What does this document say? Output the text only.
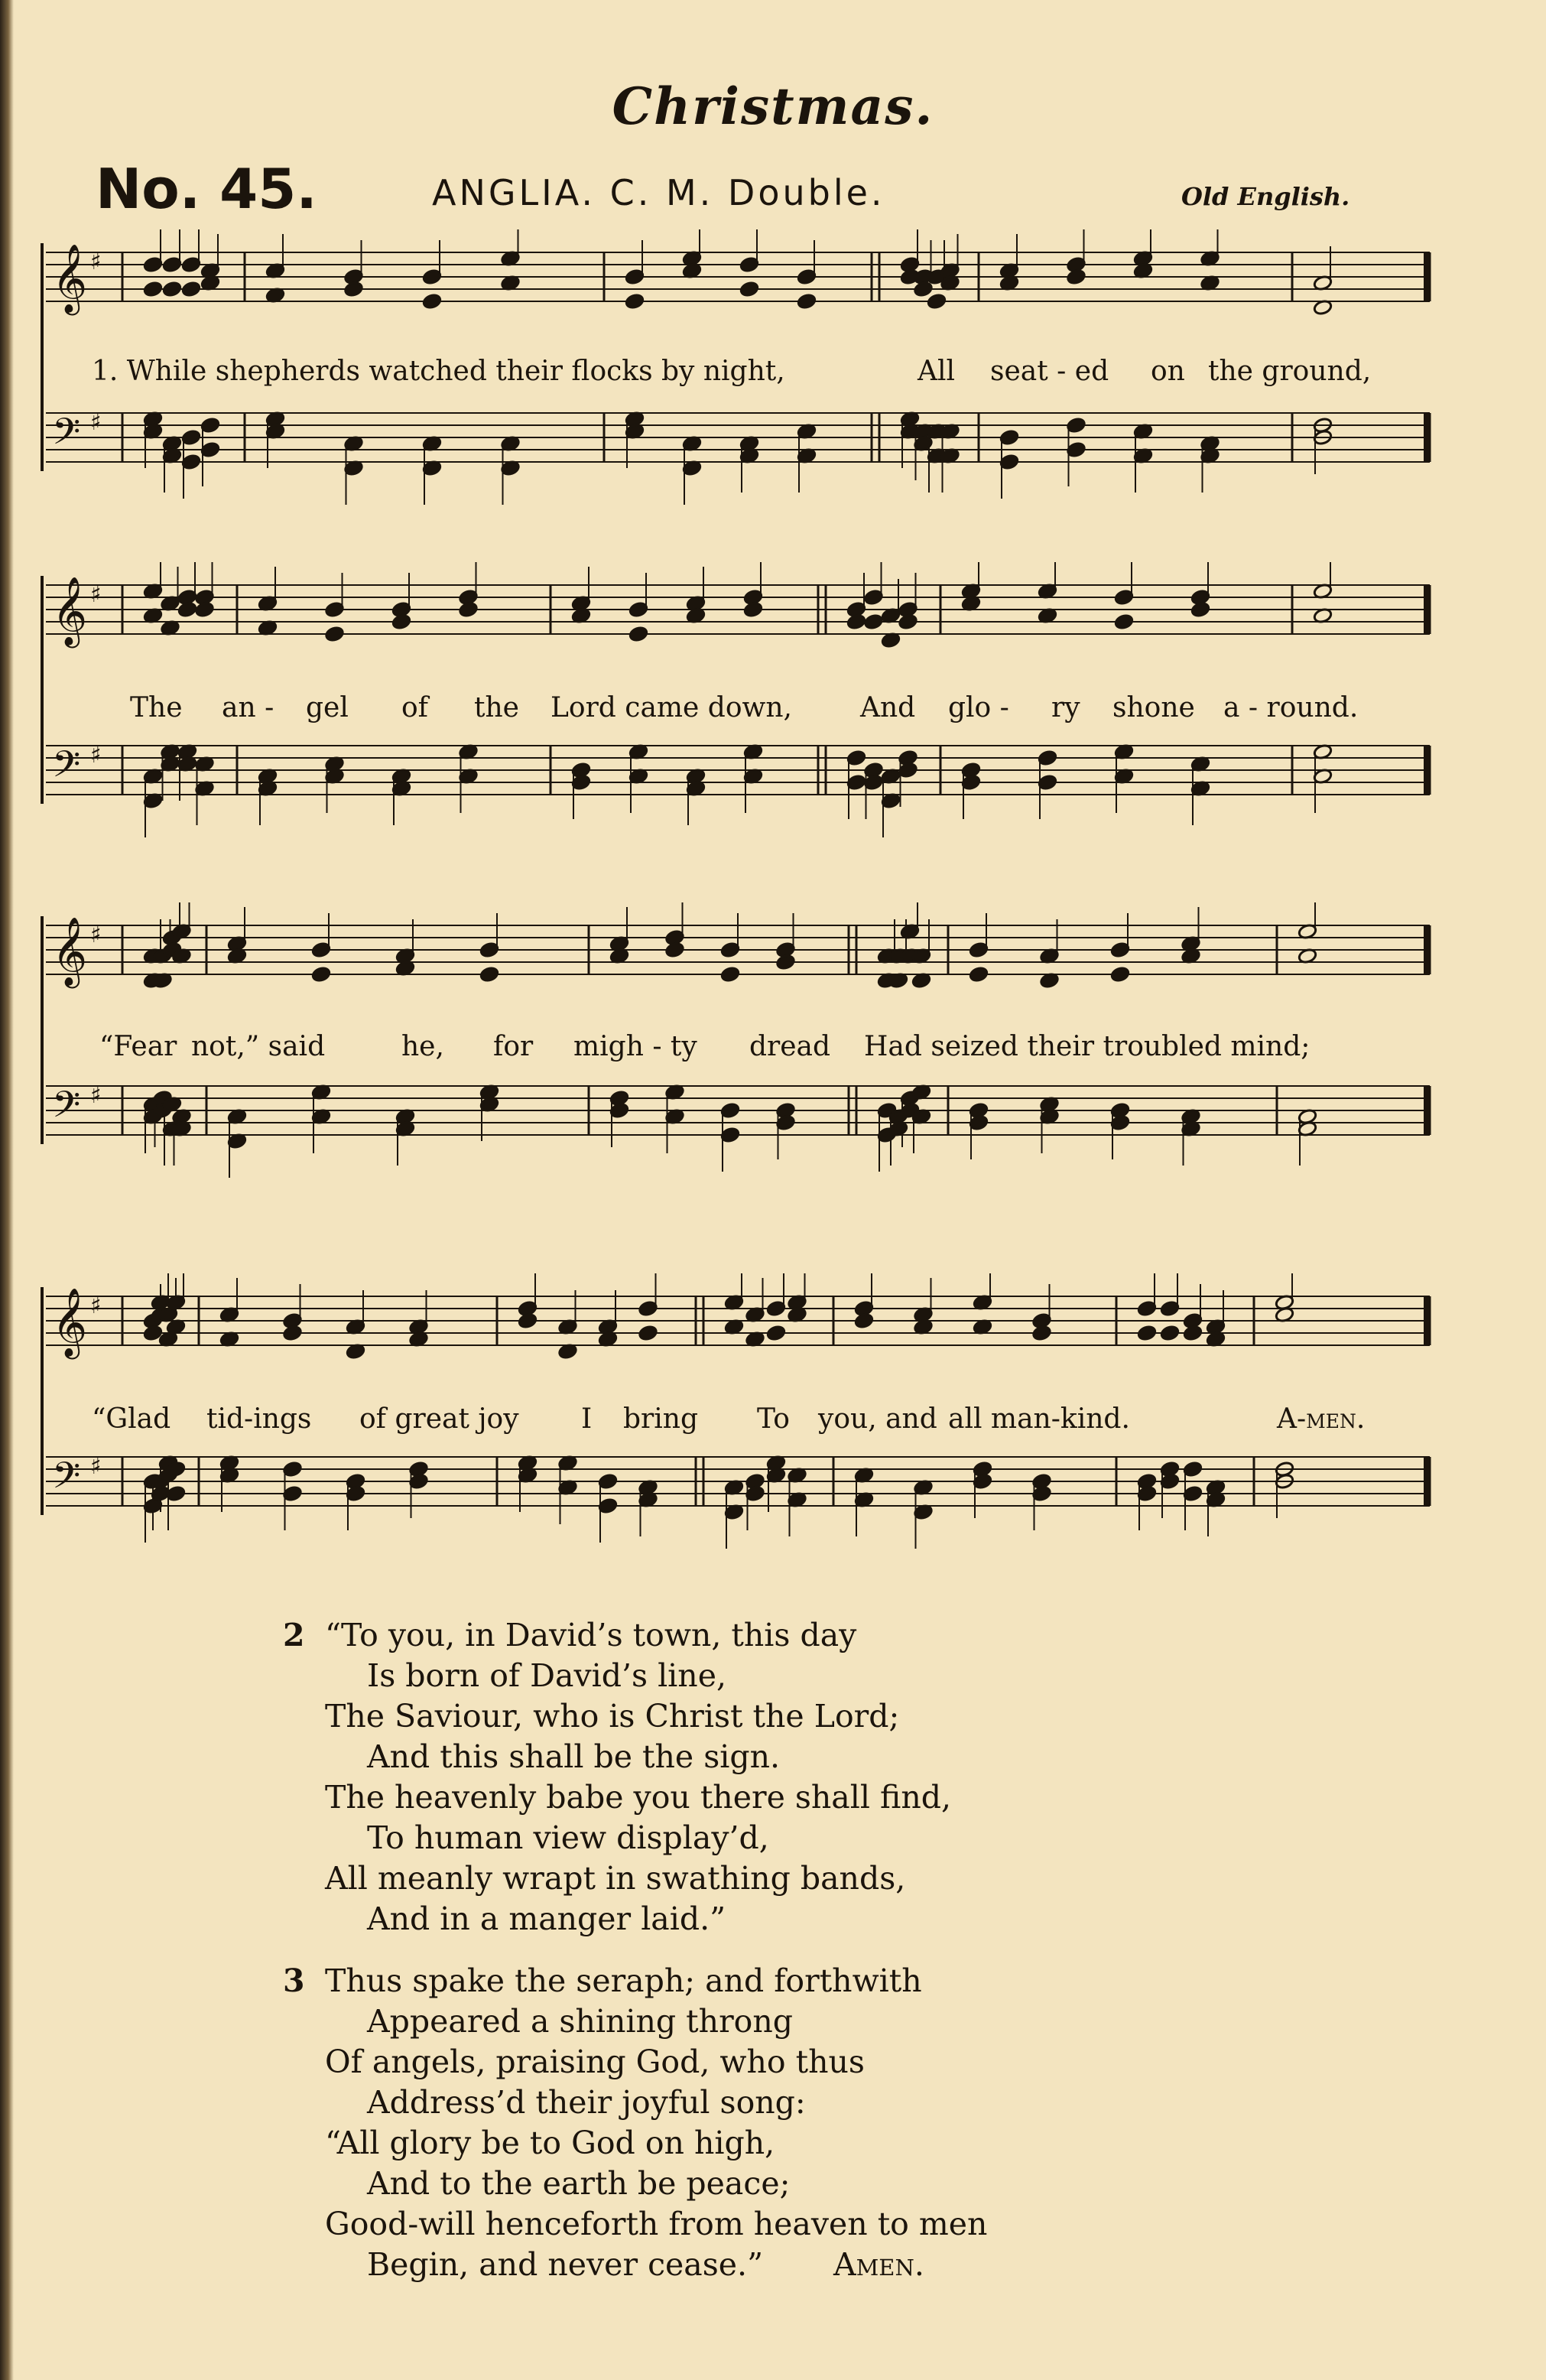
Christmas.
No. 45.	ANGLIA. C. M. Double.	Old English.
𝄞 ♯
𝄢 ♯

1. While shepherds watched their flocks by night,

	All

seat - ed

on

the ground,

𝄞 ♯
𝄢 ♯

The

an -

gel

of

the

Lord came down,

And

glo -

ry

shone

a - round.

𝄞 ♯
𝄢 ♯

“Fear

not,” said

	he,

for

migh - ty

dread

Had seized their troubled mind;

𝄞 ♯
𝄢 ♯

“Glad

tid-ings

of great joy

I

bring

To

you, and

all man-kind.

	A-men.

2 “To you, in David’s town, this day
Is born of David’s line,
The Saviour, who is Christ the Lord;
And this shall be the sign.
The heavenly babe you there shall find,
To human view display’d,
All meanly wrapt in swathing bands,
And in a manger laid.”
3 Thus spake the seraph; and forthwith
Appeared a shining throng
Of angels, praising God, who thus
Address’d their joyful song:
“All glory be to God on high,
And to the earth be peace;
Good-will henceforth from heaven to men
Begin, and never cease.” Amen.
